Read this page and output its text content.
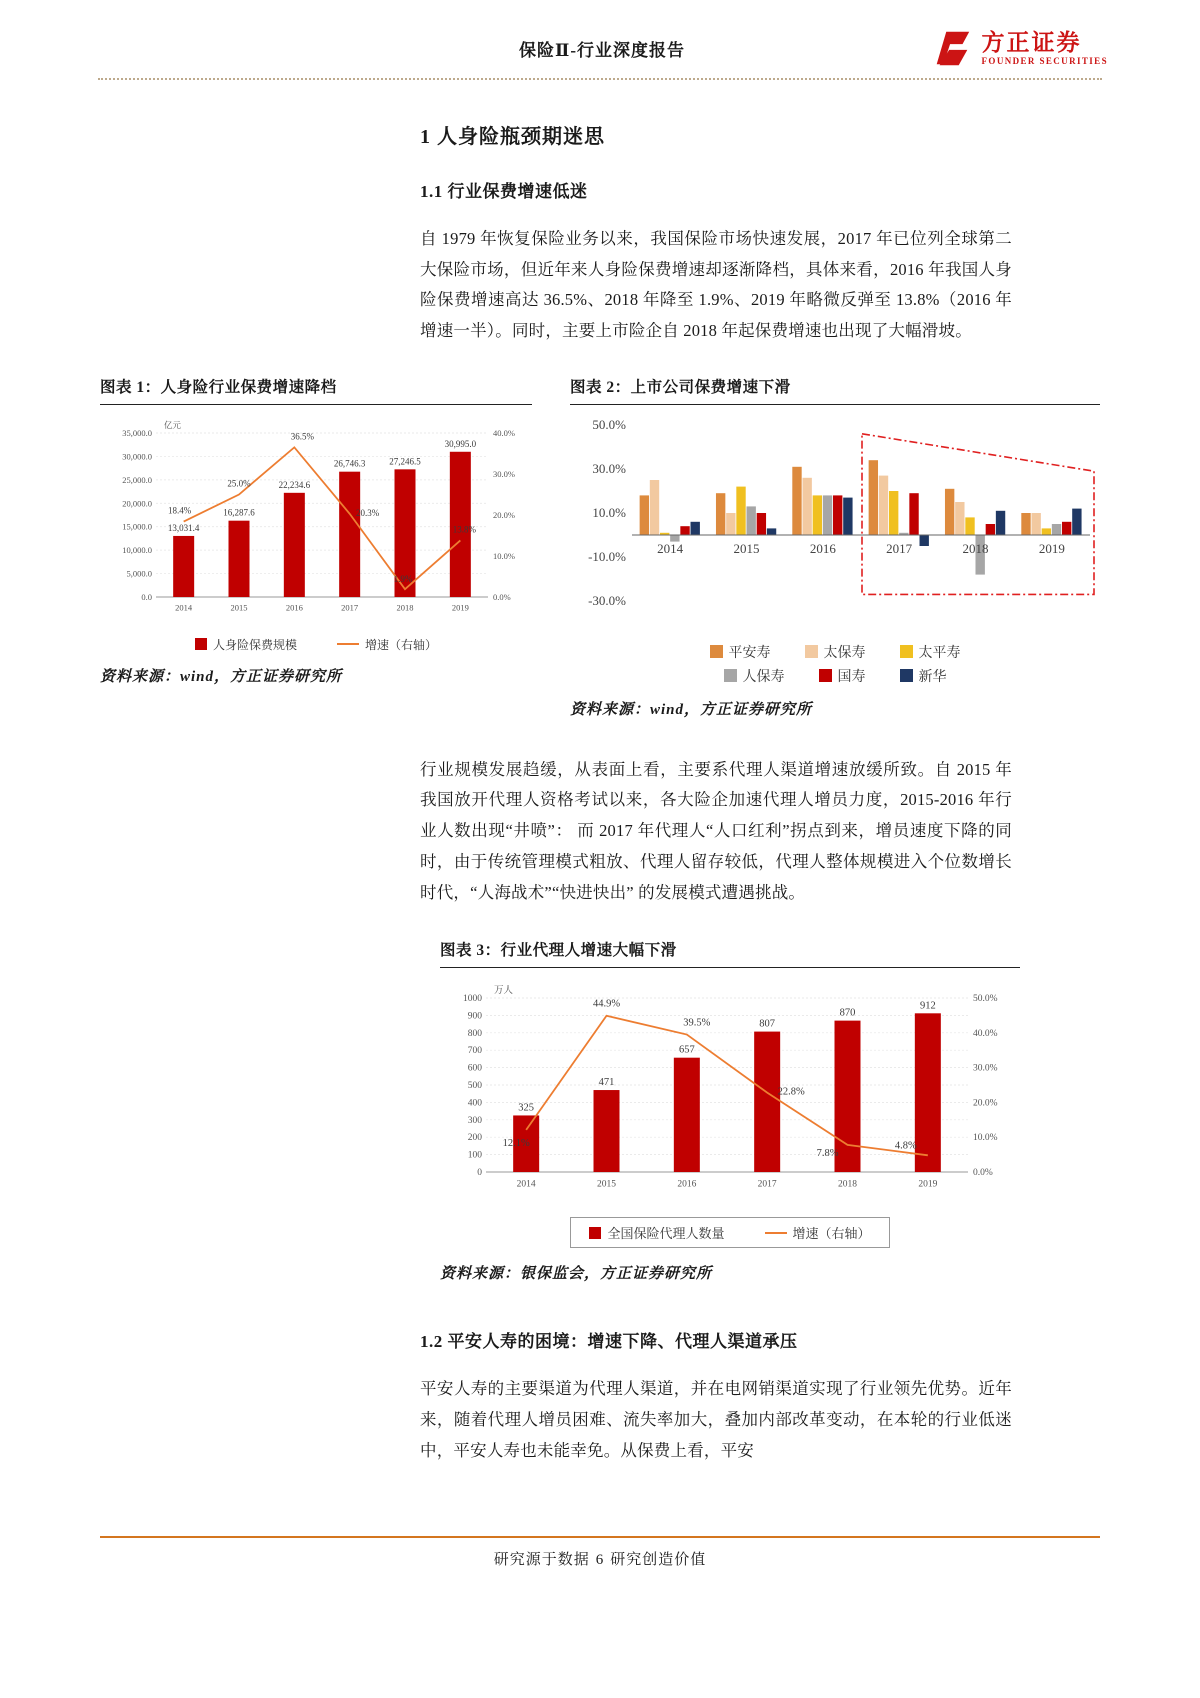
保险Ⅱ-行业深度报告	方正证券
FOUNDER SECURITIES
1 人身险瓶颈期迷思
1.1 行业保费增速低迷

自 1979 年恢复保险业务以来，我国保险市场快速发展，2017 年已位列全球第二大保险市场，但近年来人身险保费增速却逐渐降档，具体来看，2016 年我国人身险保费增速高达 36.5%、2018 年降至 1.9%、2019 年略微反弹至 13.8%（2016 年增速一半）。同时，主要上市险企自 2018 年起保费增速也出现了大幅滑坡。

图表 1：人身险行业保费增速降档
35,000.0
30,000.0
25,000.0
20,000.0
15,000.0
10,000.0
5,000.0
0.0
40.0%
30.0%
20.0%
10.0%
0.0%
13,031.4
2014
16,287.6
2015
22,234.6
2016
26,746.3
2017
27,246.5
2018
30,995.0
2019
18.4%
25.0%
36.5%
20.3%
1.9%
13.8%
亿元
人身险保费规模	增速（右轴）
资料来源：wind，方正证券研究所
图表 2：上市公司保费增速下滑
50.0%
30.0%
10.0%
-10.0%
-30.0%
2014	2015	2016	2017	2018	2019
平安寿	太保寿	太平寿
人保寿	国寿	新华
资料来源：wind，方正证券研究所

行业规模发展趋缓，从表面上看，主要系代理人渠道增速放缓所致。自 2015 年我国放开代理人资格考试以来，各大险企加速代理人增员力度，2015-2016 年行业人数出现“井喷”： 而 2017 年代理人“人口红利”拐点到来，增员速度下降的同时，由于传统管理模式粗放、代理人留存较低，代理人整体规模进入个位数增长时代，“人海战术”“快进快出” 的发展模式遭遇挑战。

图表 3：行业代理人增速大幅下滑
1000
900
800
700
600
500
400
300
200
100
0
50.0%
40.0%
30.0%
20.0%
10.0%
0.0%
325
2014
471
2015
657
2016
807
2017
870
2018
912
2019
12.1%
44.9%
39.5%
22.8%
7.8%
4.8%
万人
全国保险代理人数量	增速（右轴）
资料来源：银保监会，方正证券研究所
1.2 平安人寿的困境：增速下降、代理人渠道承压

平安人寿的主要渠道为代理人渠道，并在电网销渠道实现了行业领先优势。近年来，随着代理人增员困难、流失率加大，叠加内部改革变动，在本轮的行业低迷中，平安人寿也未能幸免。从保费上看，平安

研究源于数据 6 研究创造价值
